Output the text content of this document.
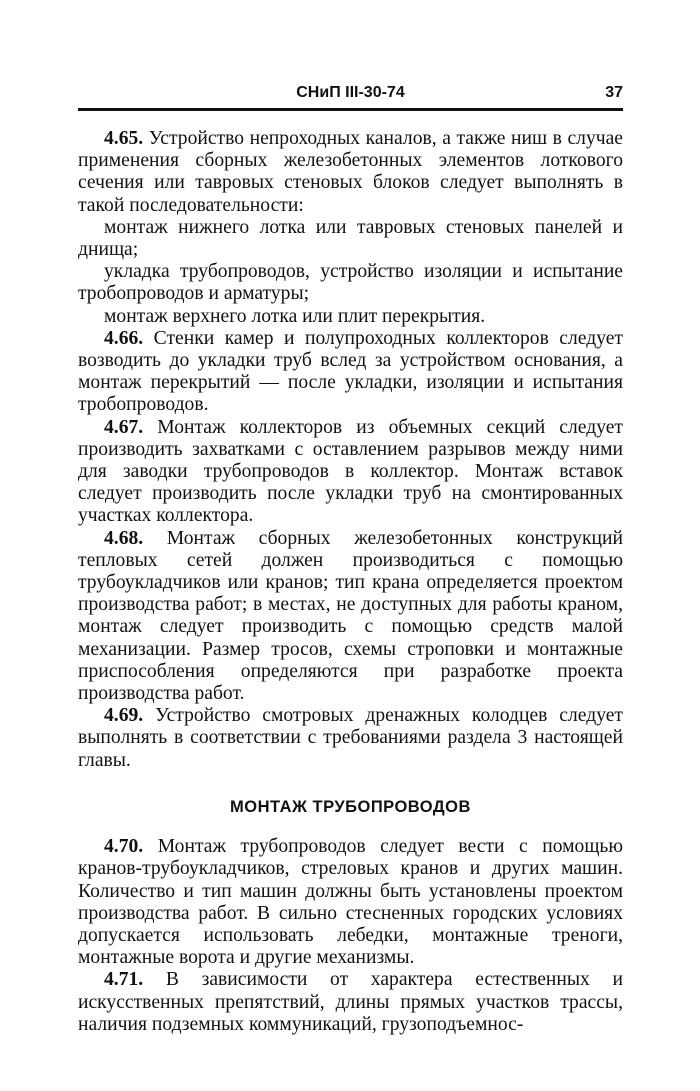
СНиП III-30-74	37

4.65. Устройство непроходных каналов, а также ниш в случае применения сборных железобетонных элементов лоткового сечения или тавровых стеновых блоков следует выполнять в такой последовательности:

монтаж нижнего лотка или тавровых стеновых панелей и днища;

укладка трубопроводов, устройство изоляции и испытание тробопроводов и арматуры;

монтаж верхнего лотка или плит перекрытия.

4.66. Стенки камер и полупроходных коллекторов следует возводить до укладки труб вслед за устройством основания, а монтаж перекрытий — после укладки, изоляции и испытания тробопроводов.

4.67. Монтаж коллекторов из объемных секций следует производить захватками с оставлением разрывов между ними для заводки трубопроводов в коллектор. Монтаж вставок следует производить после укладки труб на смонтированных участках коллектора.

4.68. Монтаж сборных железобетонных конструкций тепловых сетей должен производиться с помощью трубоукладчиков или кранов; тип крана определяется проектом производства работ; в местах, не доступных для работы краном, монтаж следует производить с помощью средств малой механизации. Размер тросов, схемы строповки и монтажные приспособления определяются при разработке проекта производства работ.

4.69. Устройство смотровых дренажных колодцев следует выполнять в соответствии с требованиями раздела 3 настоящей главы.

МОНТАЖ ТРУБОПРОВОДОВ

4.70. Монтаж трубопроводов следует вести с помощью кранов-трубоукладчиков, стреловых кранов и других машин. Количество и тип машин должны быть установлены проектом производства работ. В сильно стесненных городских условиях допускается использовать лебедки, монтажные треноги, монтажные ворота и другие механизмы.

4.71. В зависимости от характера естественных и искусственных препятствий, длины прямых участков трассы, наличия подземных коммуникаций, грузоподъемнос-
